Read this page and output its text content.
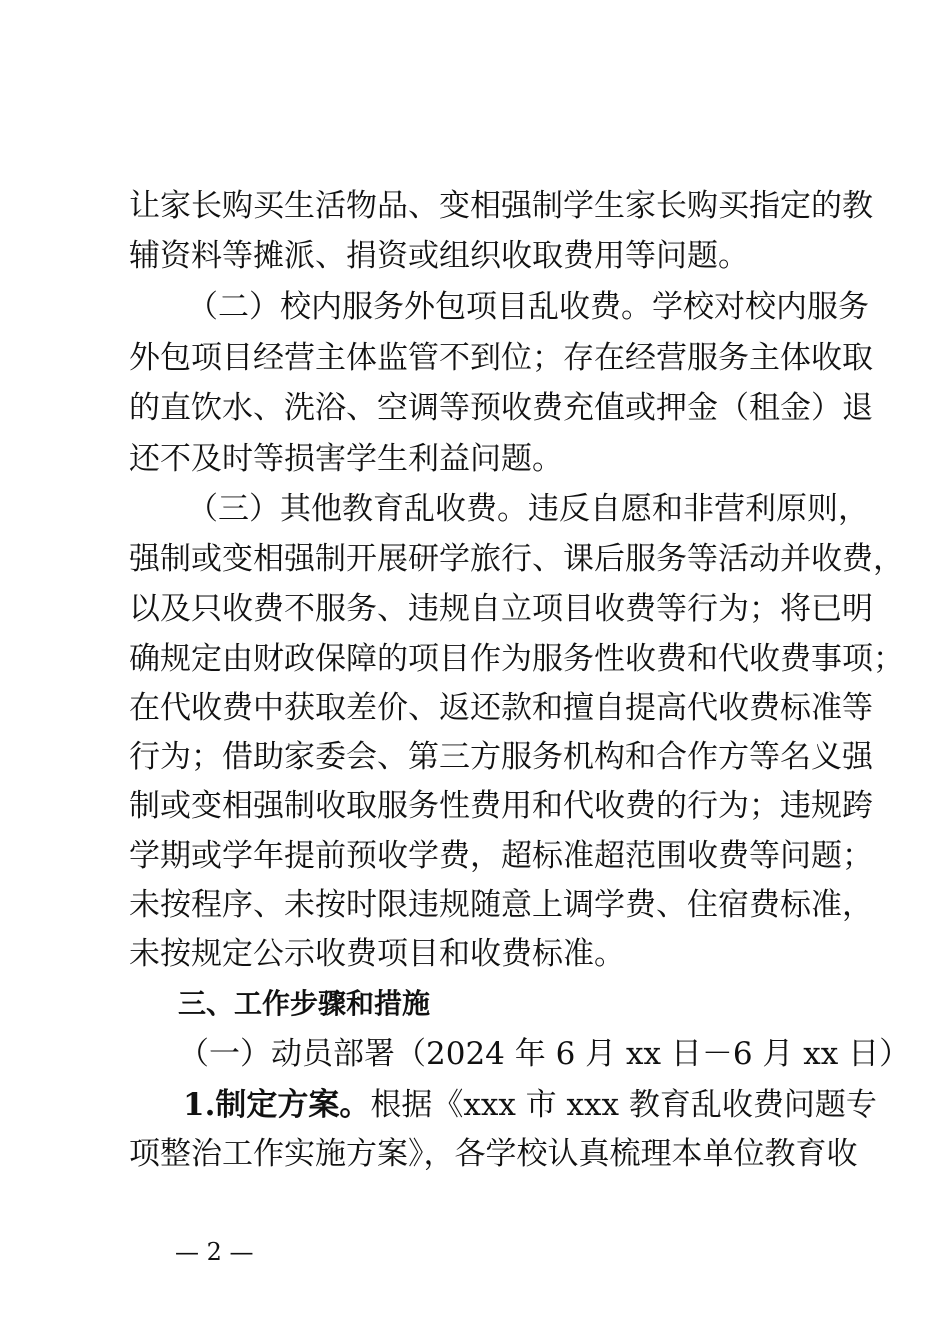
让家长购买生活物品、变相强制学生家长购买指定的教
辅资料等摊派、捐资或组织收取费用等问题。
（二）校内服务外包项目乱收费。学校对校内服务
外包项目经营主体监管不到位；存在经营服务主体收取
的直饮水、洗浴、空调等预收费充值或押金（租金）退
还不及时等损害学生利益问题。
（三）其他教育乱收费。违反自愿和非营利原则，
强制或变相强制开展研学旅行、课后服务等活动并收费，
以及只收费不服务、违规自立项目收费等行为；将已明
确规定由财政保障的项目作为服务性收费和代收费事项；
在代收费中获取差价、返还款和擅自提高代收费标准等
行为；借助家委会、第三方服务机构和合作方等名义强
制或变相强制收取服务性费用和代收费的行为；违规跨
学期或学年提前预收学费，超标准超范围收费等问题；
未按程序、未按时限违规随意上调学费、住宿费标准，
未按规定公示收费项目和收费标准。
三、工作步骤和措施
（一）动员部署（2024 年 6 月 xx 日－6 月 xx 日）
1.制定方案。根据《xxx 市 xxx 教育乱收费问题专
项整治工作实施方案》，各学校认真梳理本单位教育收
— 2 —
